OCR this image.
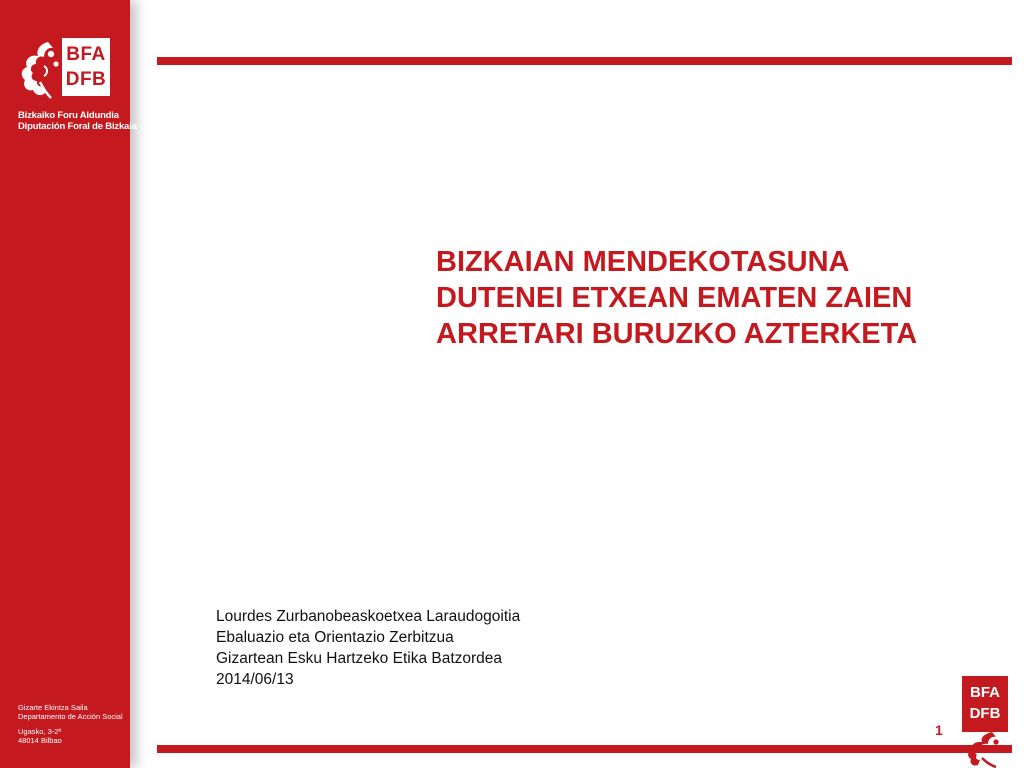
BFA
DFB
Bizkaiko Foru Aldundia
Diputación Foral de Bizkaia
Gizarte Ekintza Saila
Departamento de Acción Social
Ugasko, 3-2ª
48014 Bilbao
BIZKAIAN MENDEKOTASUNA
DUTENEI ETXEAN EMATEN ZAIEN
ARRETARI BURUZKO AZTERKETA
Lourdes Zurbanobeaskoetxea Laraudogoitia
Ebaluazio eta Orientazio Zerbitzua
Gizartean Esku Hartzeko Etika Batzordea
2014/06/13
1
BFA
DFB
